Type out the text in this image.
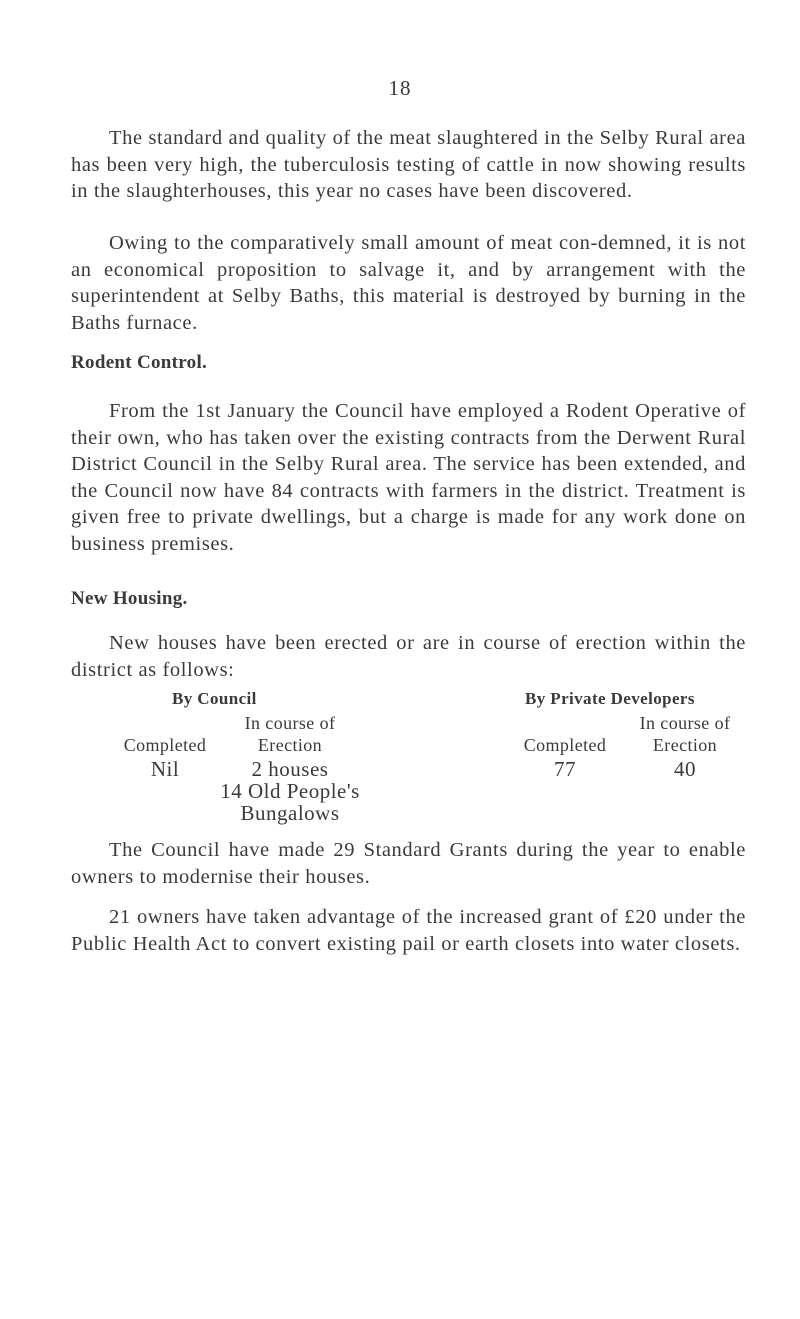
18

The standard and quality of the meat slaughtered in the Selby Rural area has been very high, the tuberculosis testing of cattle in now showing results in the slaughterhouses, this year no cases have been discovered.

Owing to the comparatively small amount of meat con-demned, it is not an economical proposition to salvage it, and by arrangement with the superintendent at Selby Baths, this material is destroyed by burning in the Baths furnace.

Rodent Control.

From the 1st January the Council have employed a Rodent Operative of their own, who has taken over the existing contracts from the Derwent Rural District Council in the Selby Rural area. The service has been extended, and the Council now have 84 contracts with farmers in the district. Treatment is given free to private dwellings, but a charge is made for any work done on business premises.

New Housing.

New houses have been erected or are in course of erection within the district as follows:

By Council
In course of
Completed	Erection
Nil	2 houses
14 Old People's
Bungalows
By Private Developers
In course of
Completed	Erection
77	40

The Council have made 29 Standard Grants during the year to enable owners to modernise their houses.

21 owners have taken advantage of the increased grant of £20 under the Public Health Act to convert existing pail or earth closets into water closets.
